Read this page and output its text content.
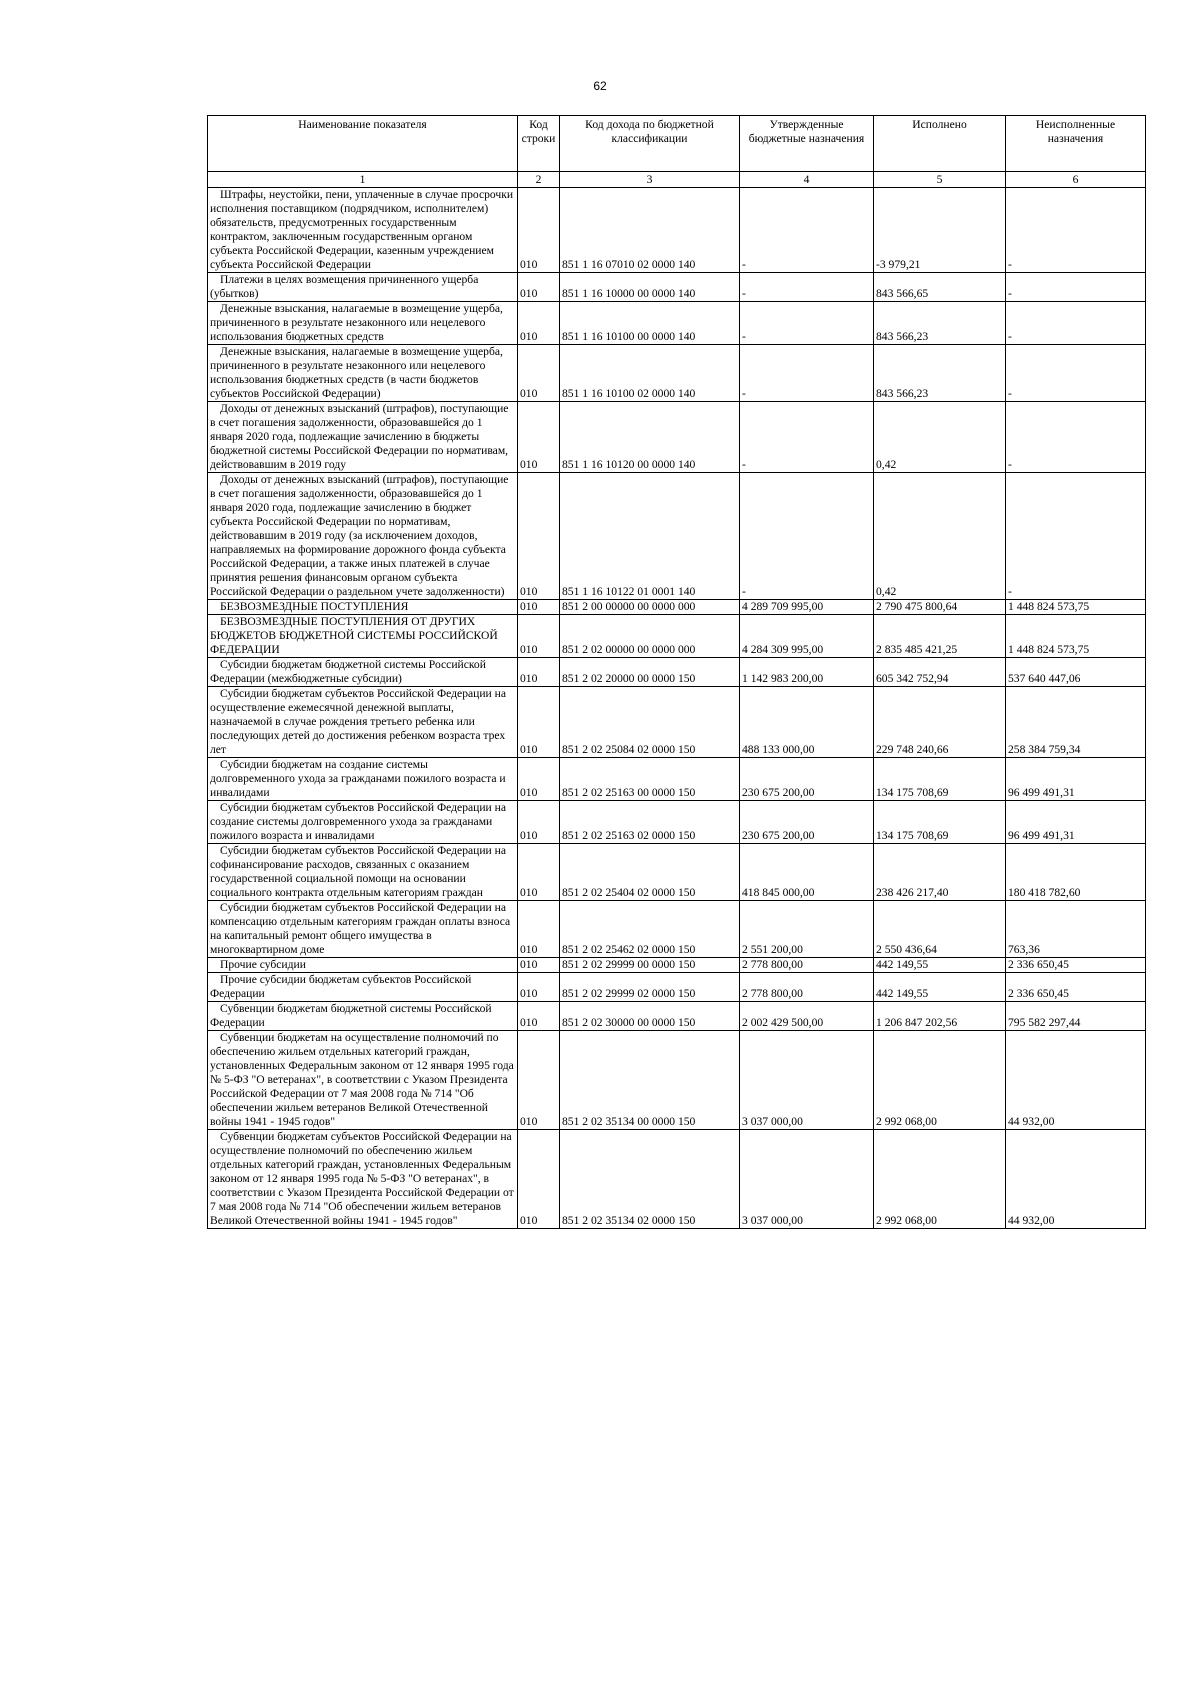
62
Наименование показателя	Код строки	Код дохода по бюджетной классификации	Утвержденные бюджетные назначения	Исполнено	Неисполненные назначения
1	2	3	4	5	6
Штрафы, неустойки, пени, уплаченные в случае просрочки исполнения поставщиком (подрядчиком, исполнителем) обязательств, предусмотренных государственным контрактом, заключенным государственным органом субъекта Российской Федерации, казенным учреждением субъекта Российской Федерации	010	851 1 16 07010 02 0000 140	-	-3 979,21	-
Платежи в целях возмещения причиненного ущерба (убытков)	010	851 1 16 10000 00 0000 140	-	843 566,65	-
Денежные взыскания, налагаемые в возмещение ущерба, причиненного в результате незаконного или нецелевого использования бюджетных средств	010	851 1 16 10100 00 0000 140	-	843 566,23	-
Денежные взыскания, налагаемые в возмещение ущерба, причиненного в результате незаконного или нецелевого использования бюджетных средств (в части бюджетов субъектов Российской Федерации)	010	851 1 16 10100 02 0000 140	-	843 566,23	-
Доходы от денежных взысканий (штрафов), поступающие в счет погашения задолженности, образовавшейся до 1 января 2020 года, подлежащие зачислению в бюджеты бюджетной системы Российской Федерации по нормативам, действовавшим в 2019 году	010	851 1 16 10120 00 0000 140	-	0,42	-
Доходы от денежных взысканий (штрафов), поступающие в счет погашения задолженности, образовавшейся до 1 января 2020 года, подлежащие зачислению в бюджет субъекта Российской Федерации по нормативам, действовавшим в 2019 году (за исключением доходов, направляемых на формирование дорожного фонда субъекта Российской Федерации, а также иных платежей в случае принятия решения финансовым органом субъекта Российской Федерации о раздельном учете задолженности)	010	851 1 16 10122 01 0001 140	-	0,42	-
БЕЗВОЗМЕЗДНЫЕ ПОСТУПЛЕНИЯ	010	851 2 00 00000 00 0000 000	4 289 709 995,00	2 790 475 800,64	1 448 824 573,75
БЕЗВОЗМЕЗДНЫЕ ПОСТУПЛЕНИЯ ОТ ДРУГИХ БЮДЖЕТОВ БЮДЖЕТНОЙ СИСТЕМЫ РОССИЙСКОЙ ФЕДЕРАЦИИ	010	851 2 02 00000 00 0000 000	4 284 309 995,00	2 835 485 421,25	1 448 824 573,75
Субсидии бюджетам бюджетной системы Российской Федерации (межбюджетные субсидии)	010	851 2 02 20000 00 0000 150	1 142 983 200,00	605 342 752,94	537 640 447,06
Субсидии бюджетам субъектов Российской Федерации на осуществление ежемесячной денежной выплаты, назначаемой в случае рождения третьего ребенка или последующих детей до достижения ребенком возраста трех лет	010	851 2 02 25084 02 0000 150	488 133 000,00	229 748 240,66	258 384 759,34
Субсидии бюджетам на создание системы долговременного ухода за гражданами пожилого возраста и инвалидами	010	851 2 02 25163 00 0000 150	230 675 200,00	134 175 708,69	96 499 491,31
Субсидии бюджетам субъектов Российской Федерации на создание системы долговременного ухода за гражданами пожилого возраста и инвалидами	010	851 2 02 25163 02 0000 150	230 675 200,00	134 175 708,69	96 499 491,31
Субсидии бюджетам субъектов Российской Федерации на софинансирование расходов, связанных с оказанием государственной социальной помощи на основании социального контракта отдельным категориям граждан	010	851 2 02 25404 02 0000 150	418 845 000,00	238 426 217,40	180 418 782,60
Субсидии бюджетам субъектов Российской Федерации на компенсацию отдельным категориям граждан оплаты взноса на капитальный ремонт общего имущества в многоквартирном доме	010	851 2 02 25462 02 0000 150	2 551 200,00	2 550 436,64	763,36
Прочие субсидии	010	851 2 02 29999 00 0000 150	2 778 800,00	442 149,55	2 336 650,45
Прочие субсидии бюджетам субъектов Российской Федерации	010	851 2 02 29999 02 0000 150	2 778 800,00	442 149,55	2 336 650,45
Субвенции бюджетам бюджетной системы Российской Федерации	010	851 2 02 30000 00 0000 150	2 002 429 500,00	1 206 847 202,56	795 582 297,44
Субвенции бюджетам на осуществление полномочий по обеспечению жильем отдельных категорий граждан, установленных Федеральным законом от 12 января 1995 года № 5-ФЗ "О ветеранах", в соответствии с Указом Президента Российской Федерации от 7 мая 2008 года № 714 "Об обеспечении жильем ветеранов Великой Отечественной войны 1941 - 1945 годов"	010	851 2 02 35134 00 0000 150	3 037 000,00	2 992 068,00	44 932,00
Субвенции бюджетам субъектов Российской Федерации на осуществление полномочий по обеспечению жильем отдельных категорий граждан, установленных Федеральным законом от 12 января 1995 года № 5-ФЗ "О ветеранах", в соответствии с Указом Президента Российской Федерации от 7 мая 2008 года № 714 "Об обеспечении жильем ветеранов Великой Отечественной войны 1941 - 1945 годов"	010	851 2 02 35134 02 0000 150	3 037 000,00	2 992 068,00	44 932,00
